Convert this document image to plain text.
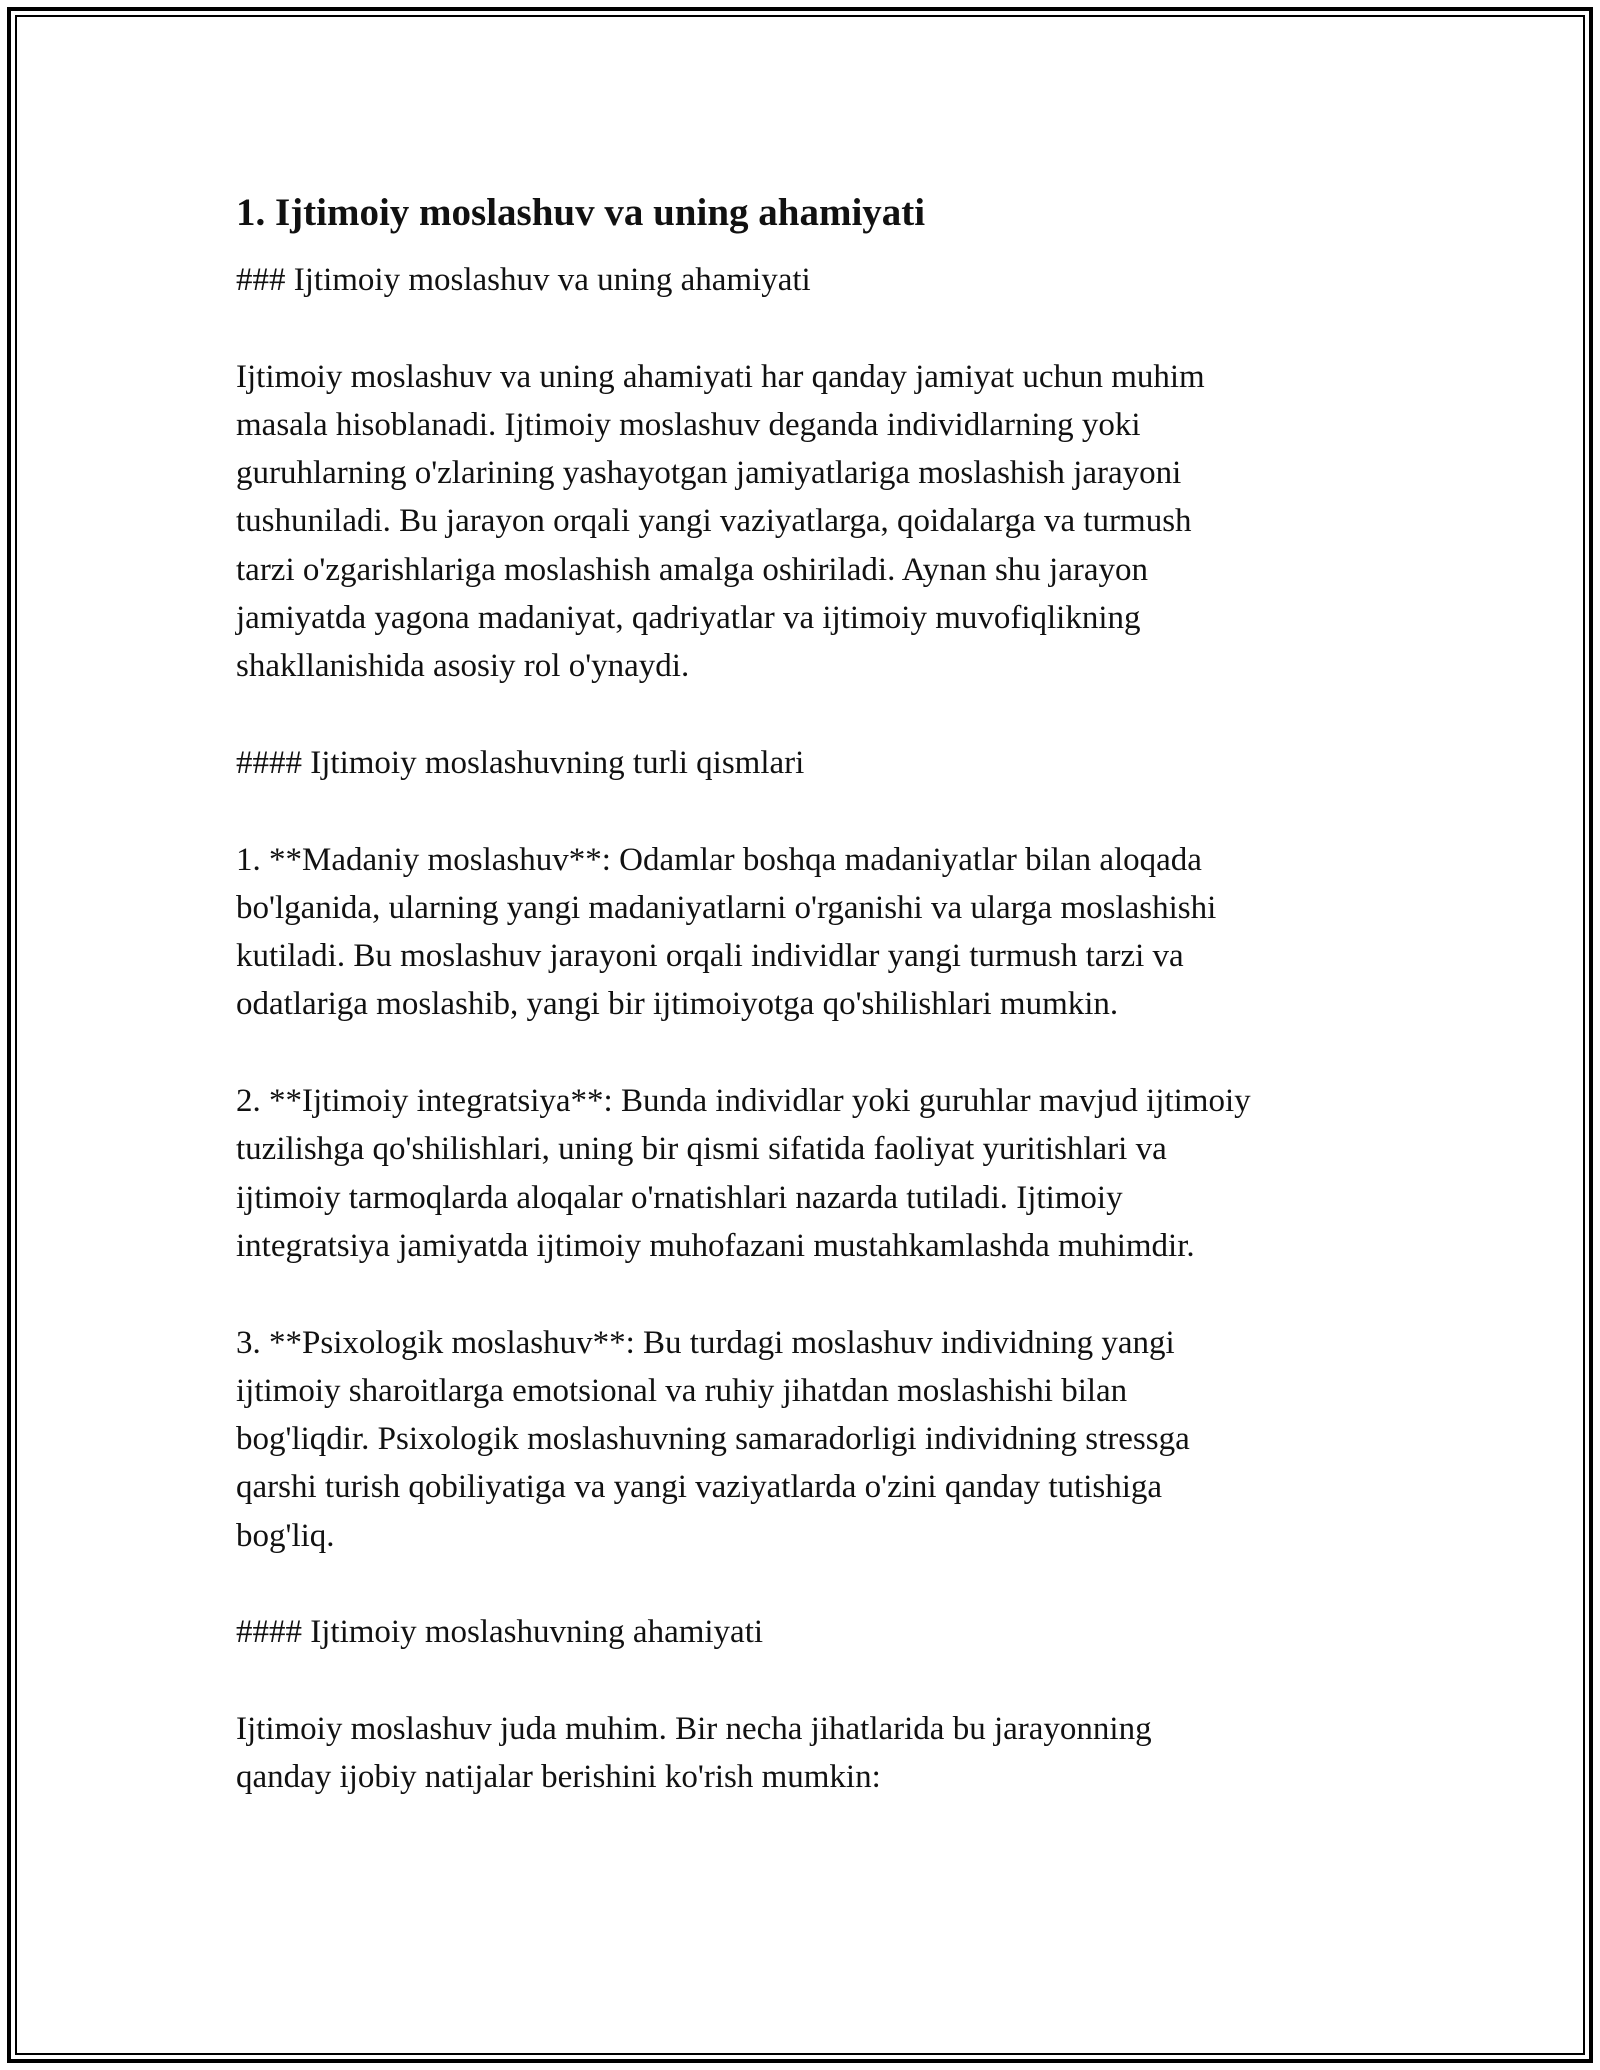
1. Ijtimoiy moslashuv va uning ahamiyati
### Ijtimoiy moslashuv va uning ahamiyati
Ijtimoiy moslashuv va uning ahamiyati har qanday jamiyat uchun muhim
masala hisoblanadi. Ijtimoiy moslashuv deganda individlarning yoki
guruhlarning o'zlarining yashayotgan jamiyatlariga moslashish jarayoni
tushuniladi. Bu jarayon orqali yangi vaziyatlarga, qoidalarga va turmush
tarzi o'zgarishlariga moslashish amalga oshiriladi. Aynan shu jarayon
jamiyatda yagona madaniyat, qadriyatlar va ijtimoiy muvofiqlikning
shakllanishida asosiy rol o'ynaydi.
#### Ijtimoiy moslashuvning turli qismlari
1. **Madaniy moslashuv**: Odamlar boshqa madaniyatlar bilan aloqada
bo'lganida, ularning yangi madaniyatlarni o'rganishi va ularga moslashishi
kutiladi. Bu moslashuv jarayoni orqali individlar yangi turmush tarzi va
odatlariga moslashib, yangi bir ijtimoiyotga qo'shilishlari mumkin.
2. **Ijtimoiy integratsiya**: Bunda individlar yoki guruhlar mavjud ijtimoiy
tuzilishga qo'shilishlari, uning bir qismi sifatida faoliyat yuritishlari va
ijtimoiy tarmoqlarda aloqalar o'rnatishlari nazarda tutiladi. Ijtimoiy
integratsiya jamiyatda ijtimoiy muhofazani mustahkamlashda muhimdir.
3. **Psixologik moslashuv**: Bu turdagi moslashuv individning yangi
ijtimoiy sharoitlarga emotsional va ruhiy jihatdan moslashishi bilan
bog'liqdir. Psixologik moslashuvning samaradorligi individning stressga
qarshi turish qobiliyatiga va yangi vaziyatlarda o'zini qanday tutishiga
bog'liq.
#### Ijtimoiy moslashuvning ahamiyati
Ijtimoiy moslashuv juda muhim. Bir necha jihatlarida bu jarayonning
qanday ijobiy natijalar berishini ko'rish mumkin:
